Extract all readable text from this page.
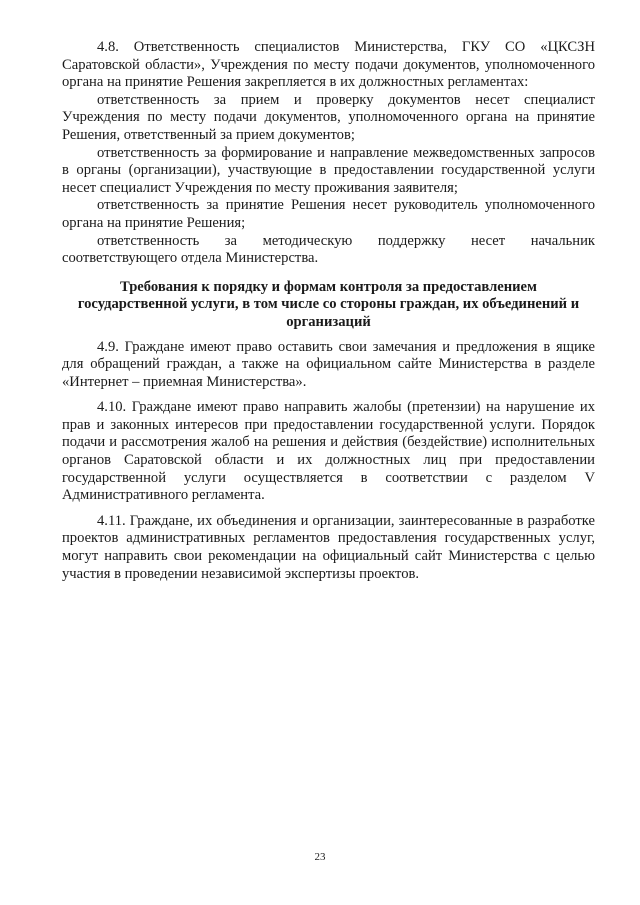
4.8. Ответственность специалистов Министерства, ГКУ СО «ЦКСЗН Саратовской области», Учреждения по месту подачи документов, уполномоченного органа на принятие Решения закрепляется в их должностных регламентах:

ответственность за прием и проверку документов несет специалист Учреждения по месту подачи документов, уполномоченного органа на принятие Решения, ответственный за прием документов;

ответственность за формирование и направление межведомственных запросов в органы (организации), участвующие в предоставлении государственной услуги несет специалист Учреждения по месту проживания заявителя;

ответственность за принятие Решения несет руководитель уполномоченного органа на принятие Решения;

ответственность за методическую поддержку несет начальник соответствующего отдела Министерства.

Требования к порядку и формам контроля за предоставлением государственной услуги, в том числе со стороны граждан, их объединений и организаций

4.9. Граждане имеют право оставить свои замечания и предложения в ящике для обращений граждан, а также на официальном сайте Министерства в разделе «Интернет – приемная Министерства».

4.10. Граждане имеют право направить жалобы (претензии) на нарушение их прав и законных интересов при предоставлении государственной услуги. Порядок подачи и рассмотрения жалоб на решения и действия (бездействие) исполнительных органов Саратовской области и их должностных лиц при предоставлении государственной услуги осуществляется в соответствии с разделом V Административного регламента.

4.11. Граждане, их объединения и организации, заинтересованные в разработке проектов административных регламентов предоставления государственных услуг, могут направить свои рекомендации на официальный сайт Министерства с целью участия в проведении независимой экспертизы проектов.

23
